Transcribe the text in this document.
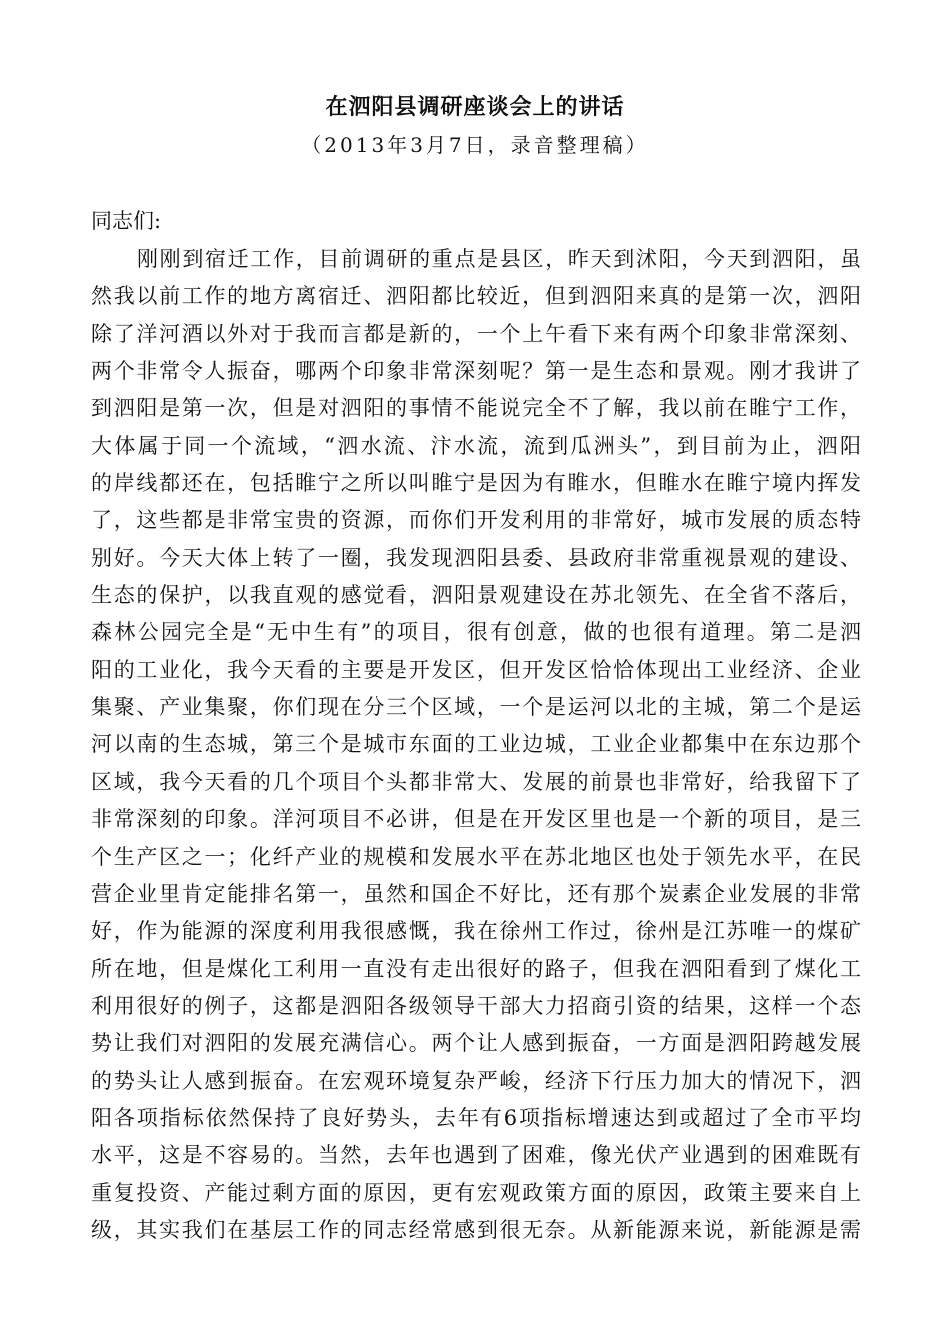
在泗阳县调研座谈会上的讲话
（2013年3月7日，录音整理稿）
同志们:
刚刚到宿迁工作，目前调研的重点是县区，昨天到沭阳，今天到泗阳，虽
然我以前工作的地方离宿迁、泗阳都比较近，但到泗阳来真的是第一次，泗阳
除了洋河酒以外对于我而言都是新的，一个上午看下来有两个印象非常深刻、
两个非常令人振奋，哪两个印象非常深刻呢？第一是生态和景观。刚才我讲了
到泗阳是第一次，但是对泗阳的事情不能说完全不了解，我以前在睢宁工作，
大体属于同一个流域，“泗水流、汴水流，流到瓜洲头”，到目前为止，泗阳
的岸线都还在，包括睢宁之所以叫睢宁是因为有睢水，但睢水在睢宁境内挥发
了，这些都是非常宝贵的资源，而你们开发利用的非常好，城市发展的质态特
别好。今天大体上转了一圈，我发现泗阳县委、县政府非常重视景观的建设、
生态的保护，以我直观的感觉看，泗阳景观建设在苏北领先、在全省不落后，
森林公园完全是“无中生有”的项目，很有创意，做的也很有道理。第二是泗
阳的工业化，我今天看的主要是开发区，但开发区恰恰体现出工业经济、企业
集聚、产业集聚，你们现在分三个区域，一个是运河以北的主城，第二个是运
河以南的生态城，第三个是城市东面的工业边城，工业企业都集中在东边那个
区域，我今天看的几个项目个头都非常大、发展的前景也非常好，给我留下了
非常深刻的印象。洋河项目不必讲，但是在开发区里也是一个新的项目，是三
个生产区之一；化纤产业的规模和发展水平在苏北地区也处于领先水平，在民
营企业里肯定能排名第一，虽然和国企不好比，还有那个炭素企业发展的非常
好，作为能源的深度利用我很感慨，我在徐州工作过，徐州是江苏唯一的煤矿
所在地，但是煤化工利用一直没有走出很好的路子，但我在泗阳看到了煤化工
利用很好的例子，这都是泗阳各级领导干部大力招商引资的结果，这样一个态
势让我们对泗阳的发展充满信心。两个让人感到振奋，一方面是泗阳跨越发展
的势头让人感到振奋。在宏观环境复杂严峻，经济下行压力加大的情况下，泗
阳各项指标依然保持了良好势头，去年有6项指标增速达到或超过了全市平均
水平，这是不容易的。当然，去年也遇到了困难，像光伏产业遇到的困难既有
重复投资、产能过剩方面的原因，更有宏观政策方面的原因，政策主要来自上
级，其实我们在基层工作的同志经常感到很无奈。从新能源来说，新能源是需
